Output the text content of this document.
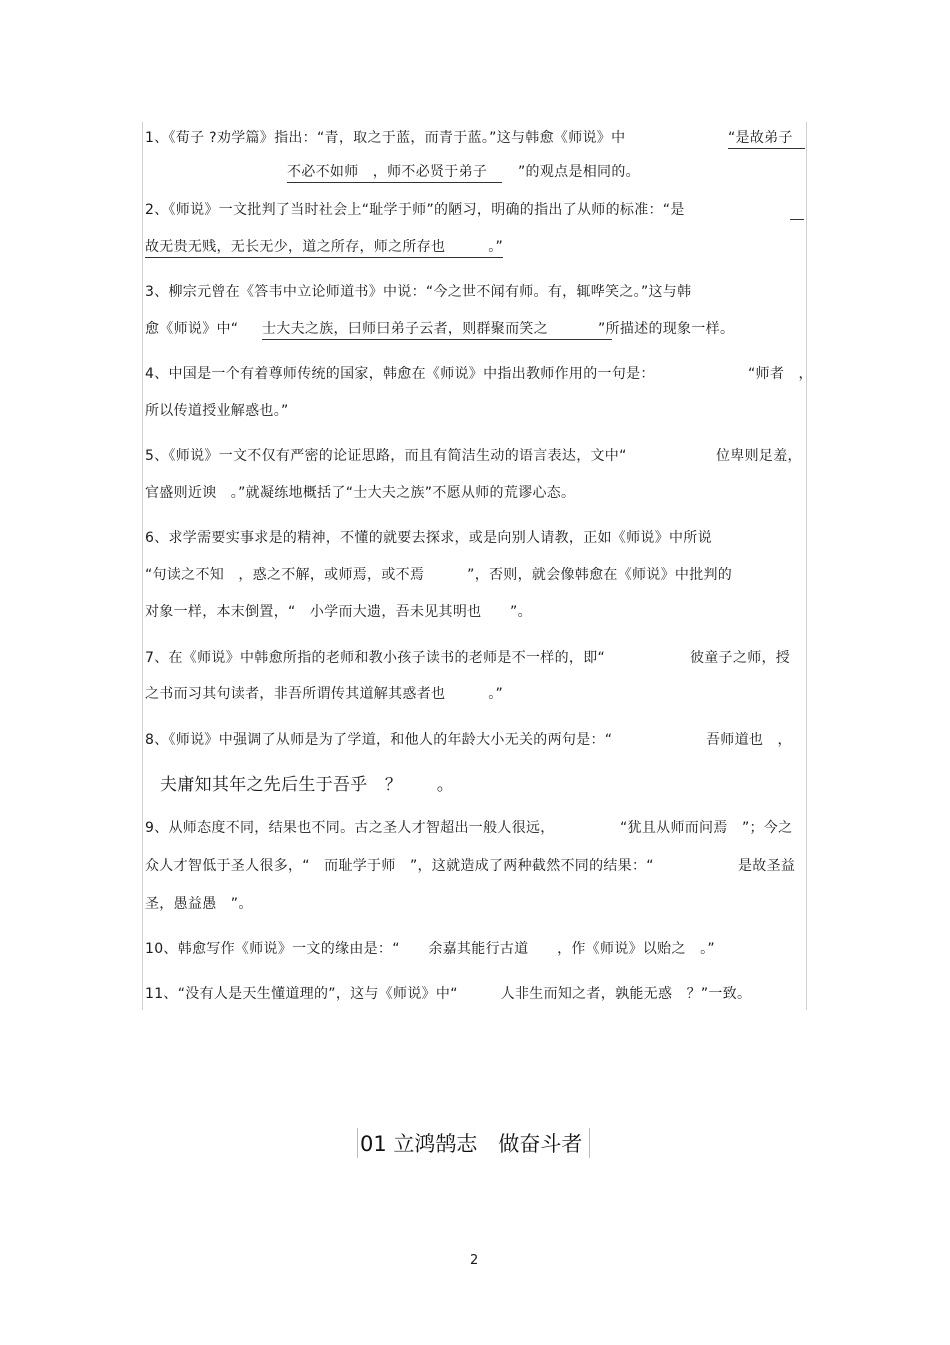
1、《荀子 ?劝学篇》指出：“青，取之于蓝，而青于蓝。”这与韩愈《师说》中	“是故弟子
不必不如师　，师不必贤于弟子　 ”的观点是相同的。
2、《师说》一文批判了当时社会上“耻学于师”的陋习，明确的指出了从师的标准：“是
故无贵无贱，无长无少，道之所存，师之所存也　　　。”
3、柳宗元曾在《答韦中立论师道书》中说：“今之世不闻有师。有，辄哗笑之。”这与韩
愈《师说》中“ 士大夫之族，曰师曰弟子云者，则群聚而笑之　　	”所描述的现象一样。
4、中国是一个有着尊师传统的国家，韩愈在《师说》中指出教师作用的一句是：	“师者　，
所以传道授业解惑也。”
5、《师说》一文不仅有严密的论证思路，而且有简洁生动的语言表达，文中“	位卑则足羞，
官盛则近谀　。”就凝练地概括了“士大夫之族”不愿从师的荒谬心态。
6、求学需要实事求是的精神，不懂的就要去探求，或是向别人请教，正如《师说》中所说
“句读之不知　，惑之不解，或师焉，或不焉　　　”，否则，就会像韩愈在《师说》中批判的
对象一样，本末倒置，“　小学而大遗，吾未见其明也　　”。
7、在《师说》中韩愈所指的老师和教小孩子读书的老师是不一样的，即“	彼童子之师，授
之书而习其句读者，非吾所谓传其道解其惑者也　　　。”
8、《师说》中强调了从师是为了学道，和他人的年龄大小无关的两句是：“	吾师道也　，
夫庸知其年之先后生于吾乎　？　　。
9、从师态度不同，结果也不同。古之圣人才智超出一般人很远，	“犹且从师而问焉　”；今之
众人才智低于圣人很多，“　而耻学于师　”，这就造成了两种截然不同的结果：“	是故圣益
圣，愚益愚　”。
10、韩愈写作《师说》一文的缘由是：“　　余嘉其能行古道　　，作《师说》以贻之　。”
11、“没有人是天生懂道理的”，这与《师说》中“　　　人非生而知之者，孰能无惑　？”一致。
01 立鸿鹄志　做奋斗者
2
